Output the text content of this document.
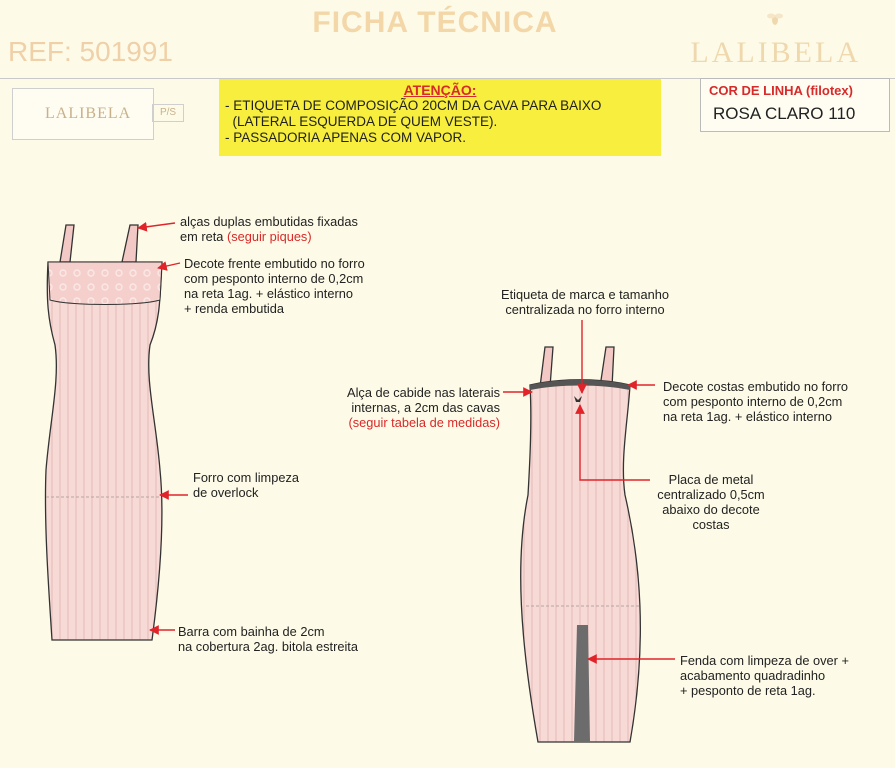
FICHA TÉCNICA
REF: 501991	LALIBELA
LALIBELA	P/S
ATENÇÃO:
- ETIQUETA DE COMPOSIÇÃO 20CM DA CAVA PARA BAIXO
(LATERAL ESQUERDA DE QUEM VESTE).
- PASSADORIA APENAS COM VAPOR.
COR DE LINHA (filotex)
ROSA CLARO 110
alças duplas embutidas fixadas
em reta (seguir piques)
Decote frente embutido no forro
com pesponto interno de 0,2cm
na reta 1ag. + elástico interno
+ renda embutida
Forro com limpeza
de overlock
Barra com bainha de 2cm
na cobertura 2ag. bitola estreita
Etiqueta de marca e tamanho
centralizada no forro interno
Alça de cabide nas laterais
internas, a 2cm das cavas
(seguir tabela de medidas)
Decote costas embutido no forro
com pesponto interno de 0,2cm
na reta 1ag. + elástico interno
Placa de metal
centralizado 0,5cm
abaixo do decote
costas
Fenda com limpeza de over +
acabamento quadradinho
+ pesponto de reta 1ag.
